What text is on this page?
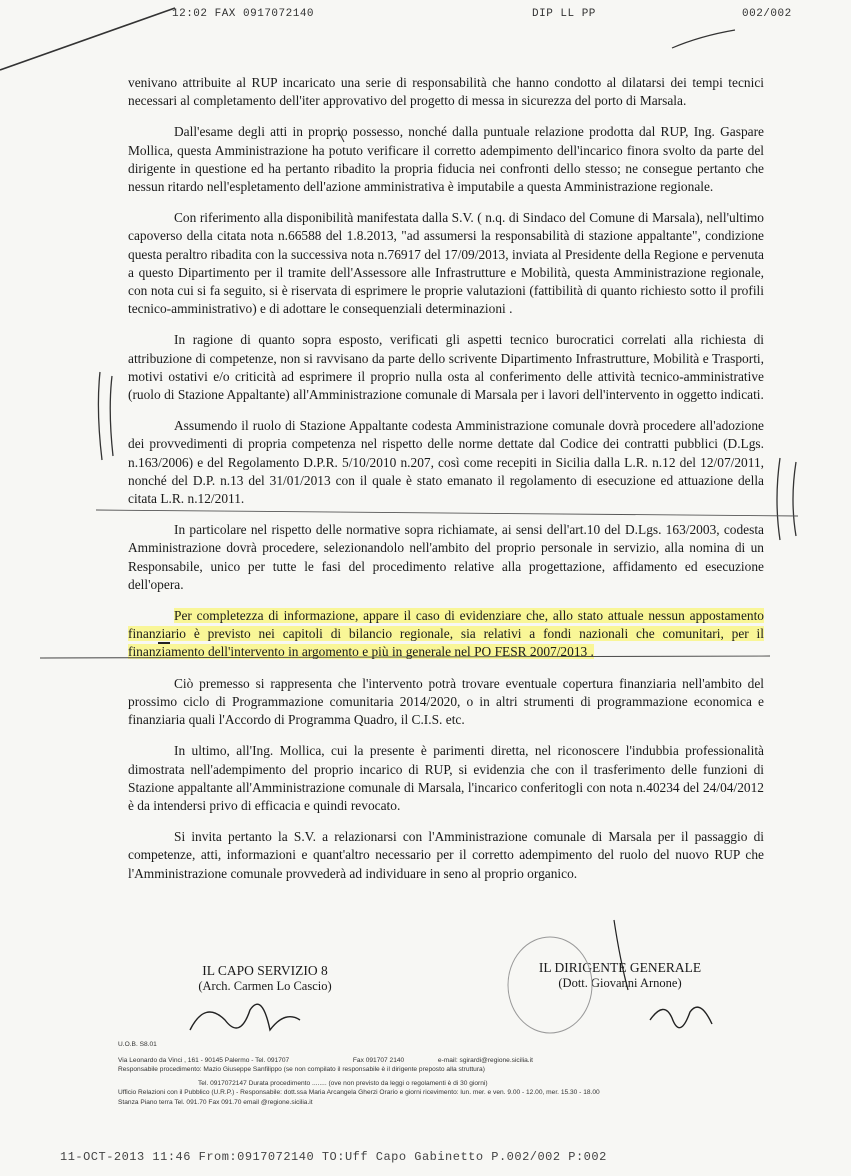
12:02 FAX 0917072140	DIP LL PP	002/002

venivano attribuite al RUP incaricato una serie di responsabilità che hanno condotto al dilatarsi dei tempi tecnici necessari al completamento dell'iter approvativo del progetto di messa in sicurezza del porto di Marsala.

Dall'esame degli atti in proprio possesso, nonché dalla puntuale relazione prodotta dal RUP, Ing. Gaspare Mollica, questa Amministrazione ha potuto verificare il corretto adempimento dell'incarico finora svolto da parte del dirigente in questione ed ha pertanto ribadito la propria fiducia nei confronti dello stesso; ne consegue pertanto che nessun ritardo nell'espletamento dell'azione amministrativa è imputabile a questa Amministrazione regionale.

Con riferimento alla disponibilità manifestata dalla S.V. ( n.q. di Sindaco del Comune di Marsala), nell'ultimo capoverso della citata nota n.66588 del 1.8.2013, "ad assumersi la responsabilità di stazione appaltante", condizione questa peraltro ribadita con la successiva nota n.76917 del 17/09/2013, inviata al Presidente della Regione e pervenuta a questo Dipartimento per il tramite dell'Assessore alle Infrastrutture e Mobilità, questa Amministrazione regionale, con nota cui si fa seguito, si è riservata di esprimere le proprie valutazioni (fattibilità di quanto richiesto sotto il profili tecnico-amministrativo) e di adottare le consequenziali determinazioni .

In ragione di quanto sopra esposto, verificati gli aspetti tecnico burocratici correlati alla richiesta di attribuzione di competenze, non si ravvisano da parte dello scrivente Dipartimento Infrastrutture, Mobilità e Trasporti, motivi ostativi e/o criticità ad esprimere il proprio nulla osta al conferimento delle attività tecnico-amministrative (ruolo di Stazione Appaltante) all'Amministrazione comunale di Marsala per i lavori dell'intervento in oggetto indicati.

Assumendo il ruolo di Stazione Appaltante codesta Amministrazione comunale dovrà procedere all'adozione dei provvedimenti di propria competenza nel rispetto delle norme dettate dal Codice dei contratti pubblici (D.Lgs. n.163/2006) e del Regolamento D.P.R. 5/10/2010 n.207, così come recepiti in Sicilia dalla L.R. n.12 del 12/07/2011, nonché del D.P. n.13 del 31/01/2013 con il quale è stato emanato il regolamento di esecuzione ed attuazione della citata L.R. n.12/2011.

In particolare nel rispetto delle normative sopra richiamate, ai sensi dell'art.10 del D.Lgs. 163/2003, codesta Amministrazione dovrà procedere, selezionandolo nell'ambito del proprio personale in servizio, alla nomina di un Responsabile, unico per tutte le fasi del procedimento relative alla progettazione, affidamento ed esecuzione dell'opera.

Per completezza di informazione, appare il caso di evidenziare che, allo stato attuale nessun appostamento finanziario è previsto nei capitoli di bilancio regionale, sia relativi a fondi nazionali che comunitari, per il finanziamento dell'intervento in argomento e più in generale nel PO FESR 2007/2013 .

Ciò premesso si rappresenta che l'intervento potrà trovare eventuale copertura finanziaria nell'ambito del prossimo ciclo di Programmazione comunitaria 2014/2020, o in altri strumenti di programmazione economica e finanziaria quali l'Accordo di Programma Quadro, il C.I.S. etc.

In ultimo, all'Ing. Mollica, cui la presente è parimenti diretta, nel riconoscere l'indubbia professionalità dimostrata nell'adempimento del proprio incarico di RUP, si evidenzia che con il trasferimento delle funzioni di Stazione appaltante all'Amministrazione comunale di Marsala, l'incarico conferitogli con nota n.40234 del 24/04/2012 è da intendersi privo di efficacia e quindi revocato.

Si invita pertanto la S.V. a relazionarsi con l'Amministrazione comunale di Marsala per il passaggio di competenze, atti, informazioni e quant'altro necessario per il corretto adempimento del ruolo del nuovo RUP che l'Amministrazione comunale provvederà ad individuare in seno al proprio organico.

IL CAPO SERVIZIO 8
(Arch. Carmen Lo Cascio)
IL DIRIGENTE GENERALE
(Dott. Giovanni Arnone)
U.O.B. S8.01
Via Leonardo da Vinci , 161 - 90145 Palermo - Tel. 091707	Fax 091707 2140	e-mail: sgirardi@regione.sicilia.it
Responsabile procedimento: Mazio Giuseppe Sanfilippo (se non compilato il responsabile è il dirigente preposto alla struttura)
Tel. 0917072147 Durata procedimento ........ (ove non previsto da leggi o regolamenti è di 30 giorni)
Ufficio Relazioni con il Pubblico (U.R.P.) - Responsabile: dott.ssa Maria Arcangela Gherzi Orario e giorni ricevimento: lun. mer. e ven. 9.00 - 12.00, mer. 15.30 - 18.00
Stanza Piano terra Tel. 091.70 Fax 091.70 email @regione.sicilia.it
11-OCT-2013 11:46 From:0917072140 TO:Uff Capo Gabinetto P.002/002 P:002
